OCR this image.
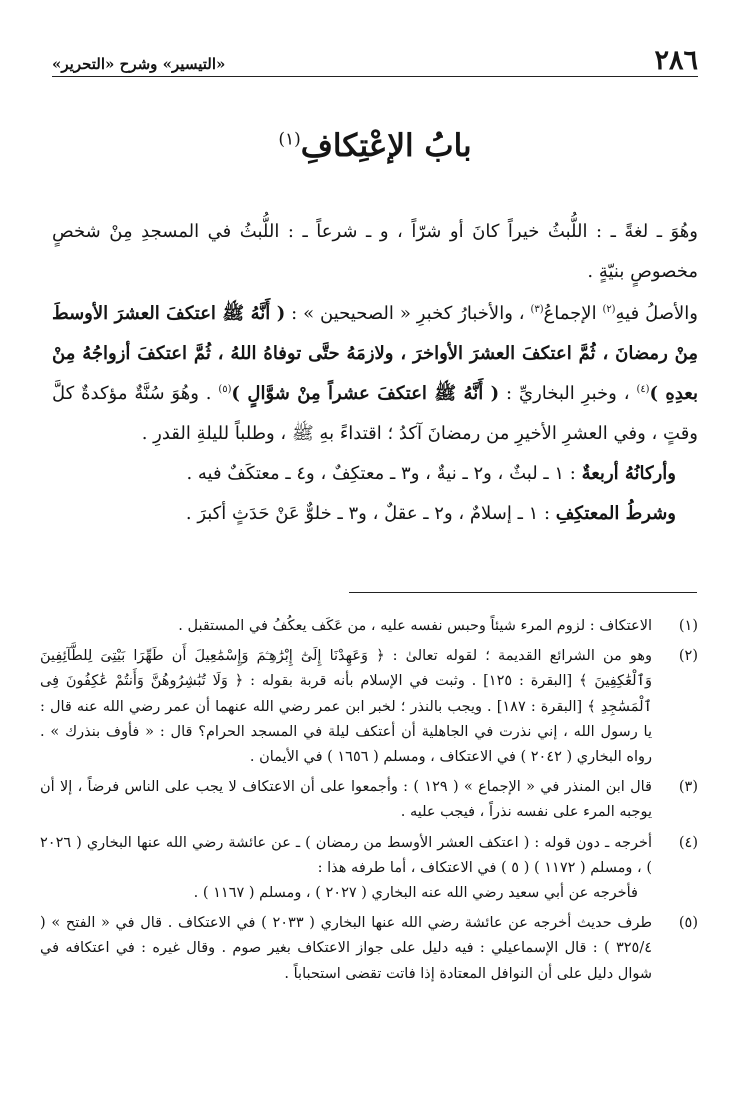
٢٨٦
«التيسير» وشرح «التحرير»
بابُ الإعْتِكافِ$^{(١)}$

وهُوَ ـ لغةً ـ : اللُّبثُ خيراً كانَ أو شرّاً ، و ـ شرعاً ـ : اللُّبثُ في المسجدِ مِنْ شخصٍ مخصوصٍ بنيّةٍ .

والأصلُ فيهِ$^{(٢)}$ الإجماعُ$^{(٣)}$ ، والأخبارُ كخبرِ « الصحيحين » : ( أَنَّهُ ﷺ اعتكفَ العشرَ الأوسطَ مِنْ رمضانَ ، ثُمَّ اعتكفَ العشرَ الأواخرَ ، ولازمَهُ حتَّى توفاهُ اللهُ ، ثُمَّ اعتكفَ أزواجُهُ مِنْ بعدِهِ )$^{(٤)}$ ، وخبرِ البخاريِّ : ( أَنَّهُ ﷺ اعتكفَ عشراً مِنْ شوَّالٍ )$^{(٥)}$ . وهُوَ سُنَّةٌ مؤكدةٌ كلَّ وقتٍ ، وفي العشرِ الأخيرِ من رمضانَ آكدُ ؛ اقتداءً بهِ ﷺ ، وطلباً لليلةِ القدرِ .

وأركانُهُ أربعةٌ : ١ ـ لبثٌ ، و٢ ـ نيةٌ ، و٣ ـ معتكِفٌ ، و٤ ـ معتكَفٌ فيه .

وشرطُ المعتكِفِ : ١ ـ إسلامٌ ، و٢ ـ عقلٌ ، و٣ ـ خلوٌّ عَنْ حَدَثٍ أكبرَ .

(١)

الاعتكاف : لزوم المرء شيئاً وحبس نفسه عليه ، من عَكَف يعكُفُ في المستقبل .

(٢)

وهو من الشرائع القديمة ؛ لقوله تعالىٰ : ﴿ وَعَهِدْنَا إِلَىٰٓ إِبْرَٰهِـۧمَ وَإِسْمَٰعِيلَ أَن طَهِّرَا بَيْتِىَ لِلطَّآئِفِينَ وَٱلْعَٰكِفِينَ ﴾ [البقرة : ١٢٥] . وثبت في الإسلام بأنه قربة بقوله : ﴿ وَلَا تُبَٰشِرُوهُنَّ وَأَنتُمْ عَٰكِفُونَ فِى ٱلْمَسَٰجِدِ ﴾ [البقرة : ١٨٧] . ويجب بالنذر ؛ لخبر ابن عمر رضي الله عنهما أن عمر رضي الله عنه قال : يا رسول الله ، إني نذرت في الجاهلية أن أعتكف ليلة في المسجد الحرام؟ قال : « فأوف بنذرك » . رواه البخاري ( ٢٠٤٢ ) في الاعتكاف ، ومسلم ( ١٦٥٦ ) في الأيمان .

(٣)

قال ابن المنذر في « الإجماع » ( ١٢٩ ) : وأجمعوا على أن الاعتكاف لا يجب على الناس فرضاً ، إلا أن يوجبه المرء على نفسه نذراً ، فيجب عليه .

(٤)

أخرجه ـ دون قوله : ( اعتكف العشر الأوسط من رمضان ) ـ عن عائشة رضي الله عنها البخاري ( ٢٠٢٦ ) ، ومسلم ( ١١٧٢ ) ( ٥ ) في الاعتكاف ، أما طرفه هذا :

فأخرجه عن أبي سعيد رضي الله عنه البخاري ( ٢٠٢٧ ) ، ومسلم ( ١١٦٧ ) .

(٥)

طرف حديث أخرجه عن عائشة رضي الله عنها البخاري ( ٢٠٣٣ ) في الاعتكاف . قال في « الفتح » ( ٣٢٥/٤ ) : قال الإسماعيلي : فيه دليل على جواز الاعتكاف بغير صوم . وقال غيره : في اعتكافه في شوال دليل على أن النوافل المعتادة إذا فاتت تقضى استحباباً .
